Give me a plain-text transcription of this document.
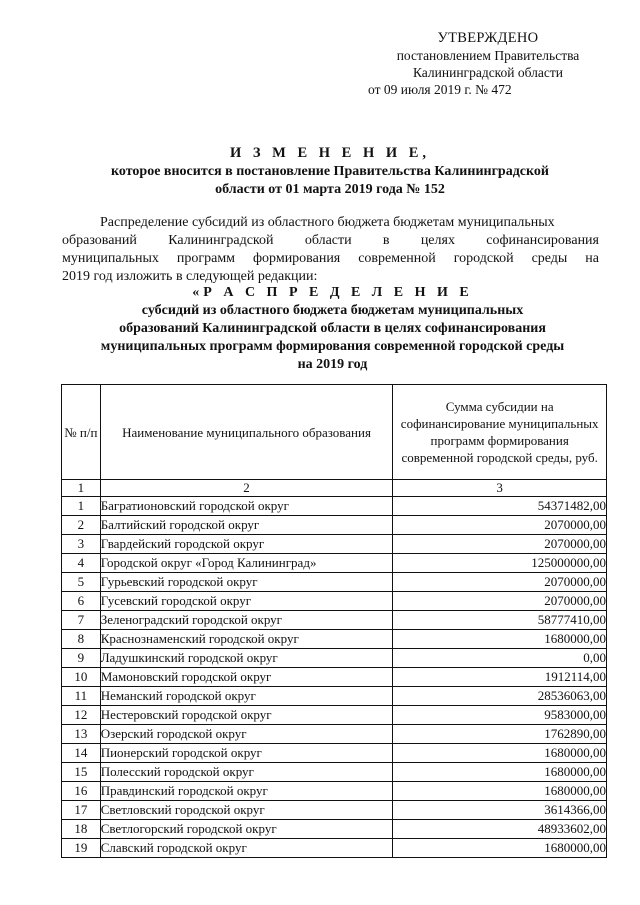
УТВЕРЖДЕНО
постановлением Правительства
Калининградской области
от 09 июля 2019 г. № 472
И З М Е Н Е Н И Е,
которое вносится в постановление Правительства Калининградской
области от 01 марта 2019 года № 152
Распределение субсидий из областного бюджета бюджетам муниципальных
образований Калининградской области в целях софинансирования
муниципальных программ формирования современной городской среды на
2019 год изложить в следующей редакции:
«Р А С П Р Е Д Е Л Е Н И Е
субсидий из областного бюджета бюджетам муниципальных
образований Калининградской области в целях софинансирования
муниципальных программ формирования современной городской среды
на 2019 год
№ п/п	Наименование муниципального образования	Сумма субсидии на софинансирование муниципальных программ формирования современной городской среды, руб.
1	2	3
1	Багратионовский городской округ	54371482,00
2	Балтийский городской округ	2070000,00
3	Гвардейский городской округ	2070000,00
4	Городской округ «Город Калининград»	125000000,00
5	Гурьевский городской округ	2070000,00
6	Гусевский городской округ	2070000,00
7	Зеленоградский городской округ	58777410,00
8	Краснознаменский городской округ	1680000,00
9	Ладушкинский городской округ	0,00
10	Мамоновский городской округ	1912114,00
11	Неманский городской округ	28536063,00
12	Нестеровский городской округ	9583000,00
13	Озерский городской округ	1762890,00
14	Пионерский городской округ	1680000,00
15	Полесский городской округ	1680000,00
16	Правдинский городской округ	1680000,00
17	Светловский городской округ	3614366,00
18	Светлогорский городской округ	48933602,00
19	Славский городской округ	1680000,00
